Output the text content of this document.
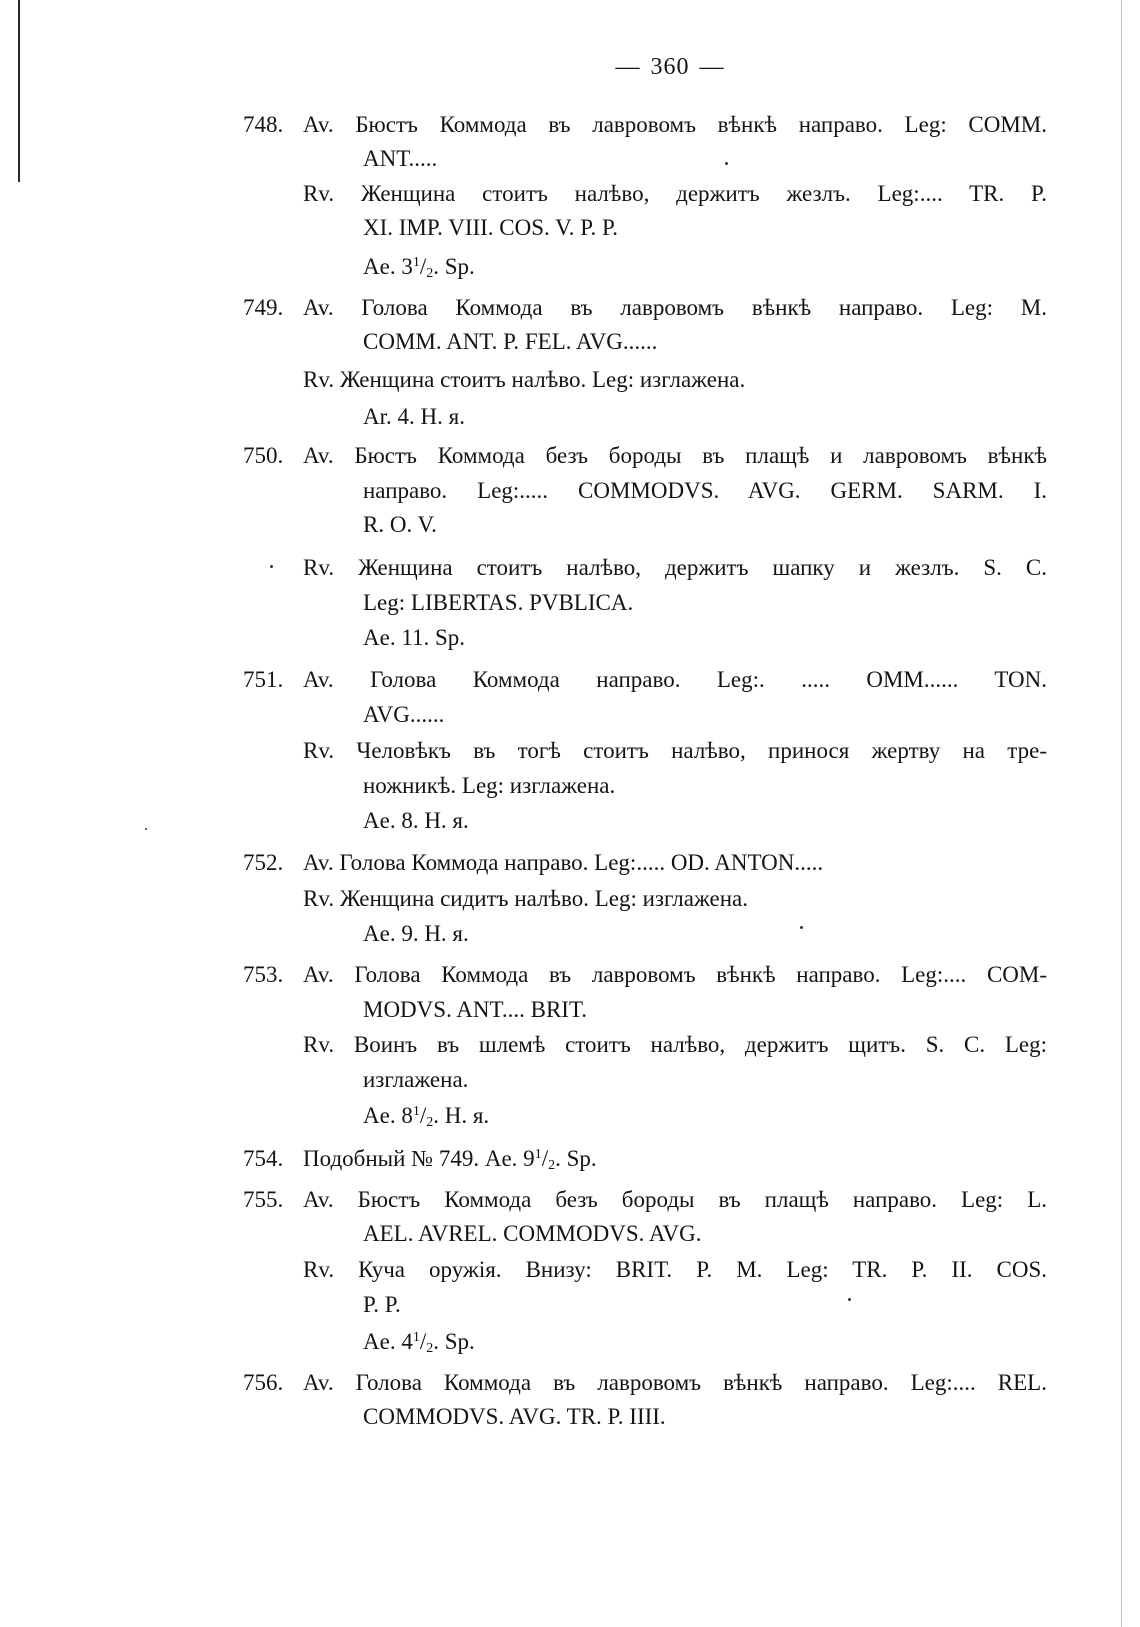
— 360 —
748. Av. Бюстъ Коммода въ лавровомъ вѣнкѣ направо. Leg: COMM.
ANT.....
Rv. Женщина стоитъ налѣво, держитъ жезлъ. Leg:.... TR. P.
XI. IMP. VIII. COS. V. P. P.
Ae. $3^1/2$. Sp.
749. Av. Голова Коммода въ лавровомъ вѣнкѣ направо. Leg: M.
COMM. ANT. P. FEL. AVG......
Rv. Женщина стоитъ налѣво. Leg: изглажена.
Ar. 4. H. я.
750. Av. Бюстъ Коммода безъ бороды въ плащѣ и лавровомъ вѣнкѣ
направо. Leg:..... COMMODVS. AVG. GERM. SARM. I.
R. O. V.
Rv. Женщина стоитъ налѣво, держитъ шапку и жезлъ. S. C.
Leg: LIBERTAS. PVBLICA.
Ae. 11. Sp.
751. Av. Голова Коммода направо. Leg:. ..... OMM...... TON.
AVG......
Rv. Человѣкъ въ тогѣ стоитъ налѣво, принося жертву на тре-
ножникѣ. Leg: изглажена.
Ae. 8. H. я.
752. Av. Голова Коммода направо. Leg:..... OD. ANTON.....
Rv. Женщина сидитъ налѣво. Leg: изглажена.
Ae. 9. H. я.
753. Av. Голова Коммода въ лавровомъ вѣнкѣ направо. Leg:.... COM-
MODVS. ANT.... BRIT.
Rv. Воинъ въ шлемѣ стоитъ налѣво, держитъ щитъ. S. C. Leg:
изглажена.
Ae. $8^1/2$. H. я.
754. Подобный № 749. Ae. $9^1/2$. Sp.
755. Av. Бюстъ Коммода безъ бороды въ плащѣ направо. Leg: L.
AEL. AVREL. COMMODVS. AVG.
Rv. Куча оружія. Внизу: BRIT. P. M. Leg: TR. P. II. COS.
P. P.
Ae. $4^1/2$. Sp.
756. Av. Голова Коммода въ лавровомъ вѣнкѣ направо. Leg:.... REL.
COMMODVS. AVG. TR. P. IIII.
